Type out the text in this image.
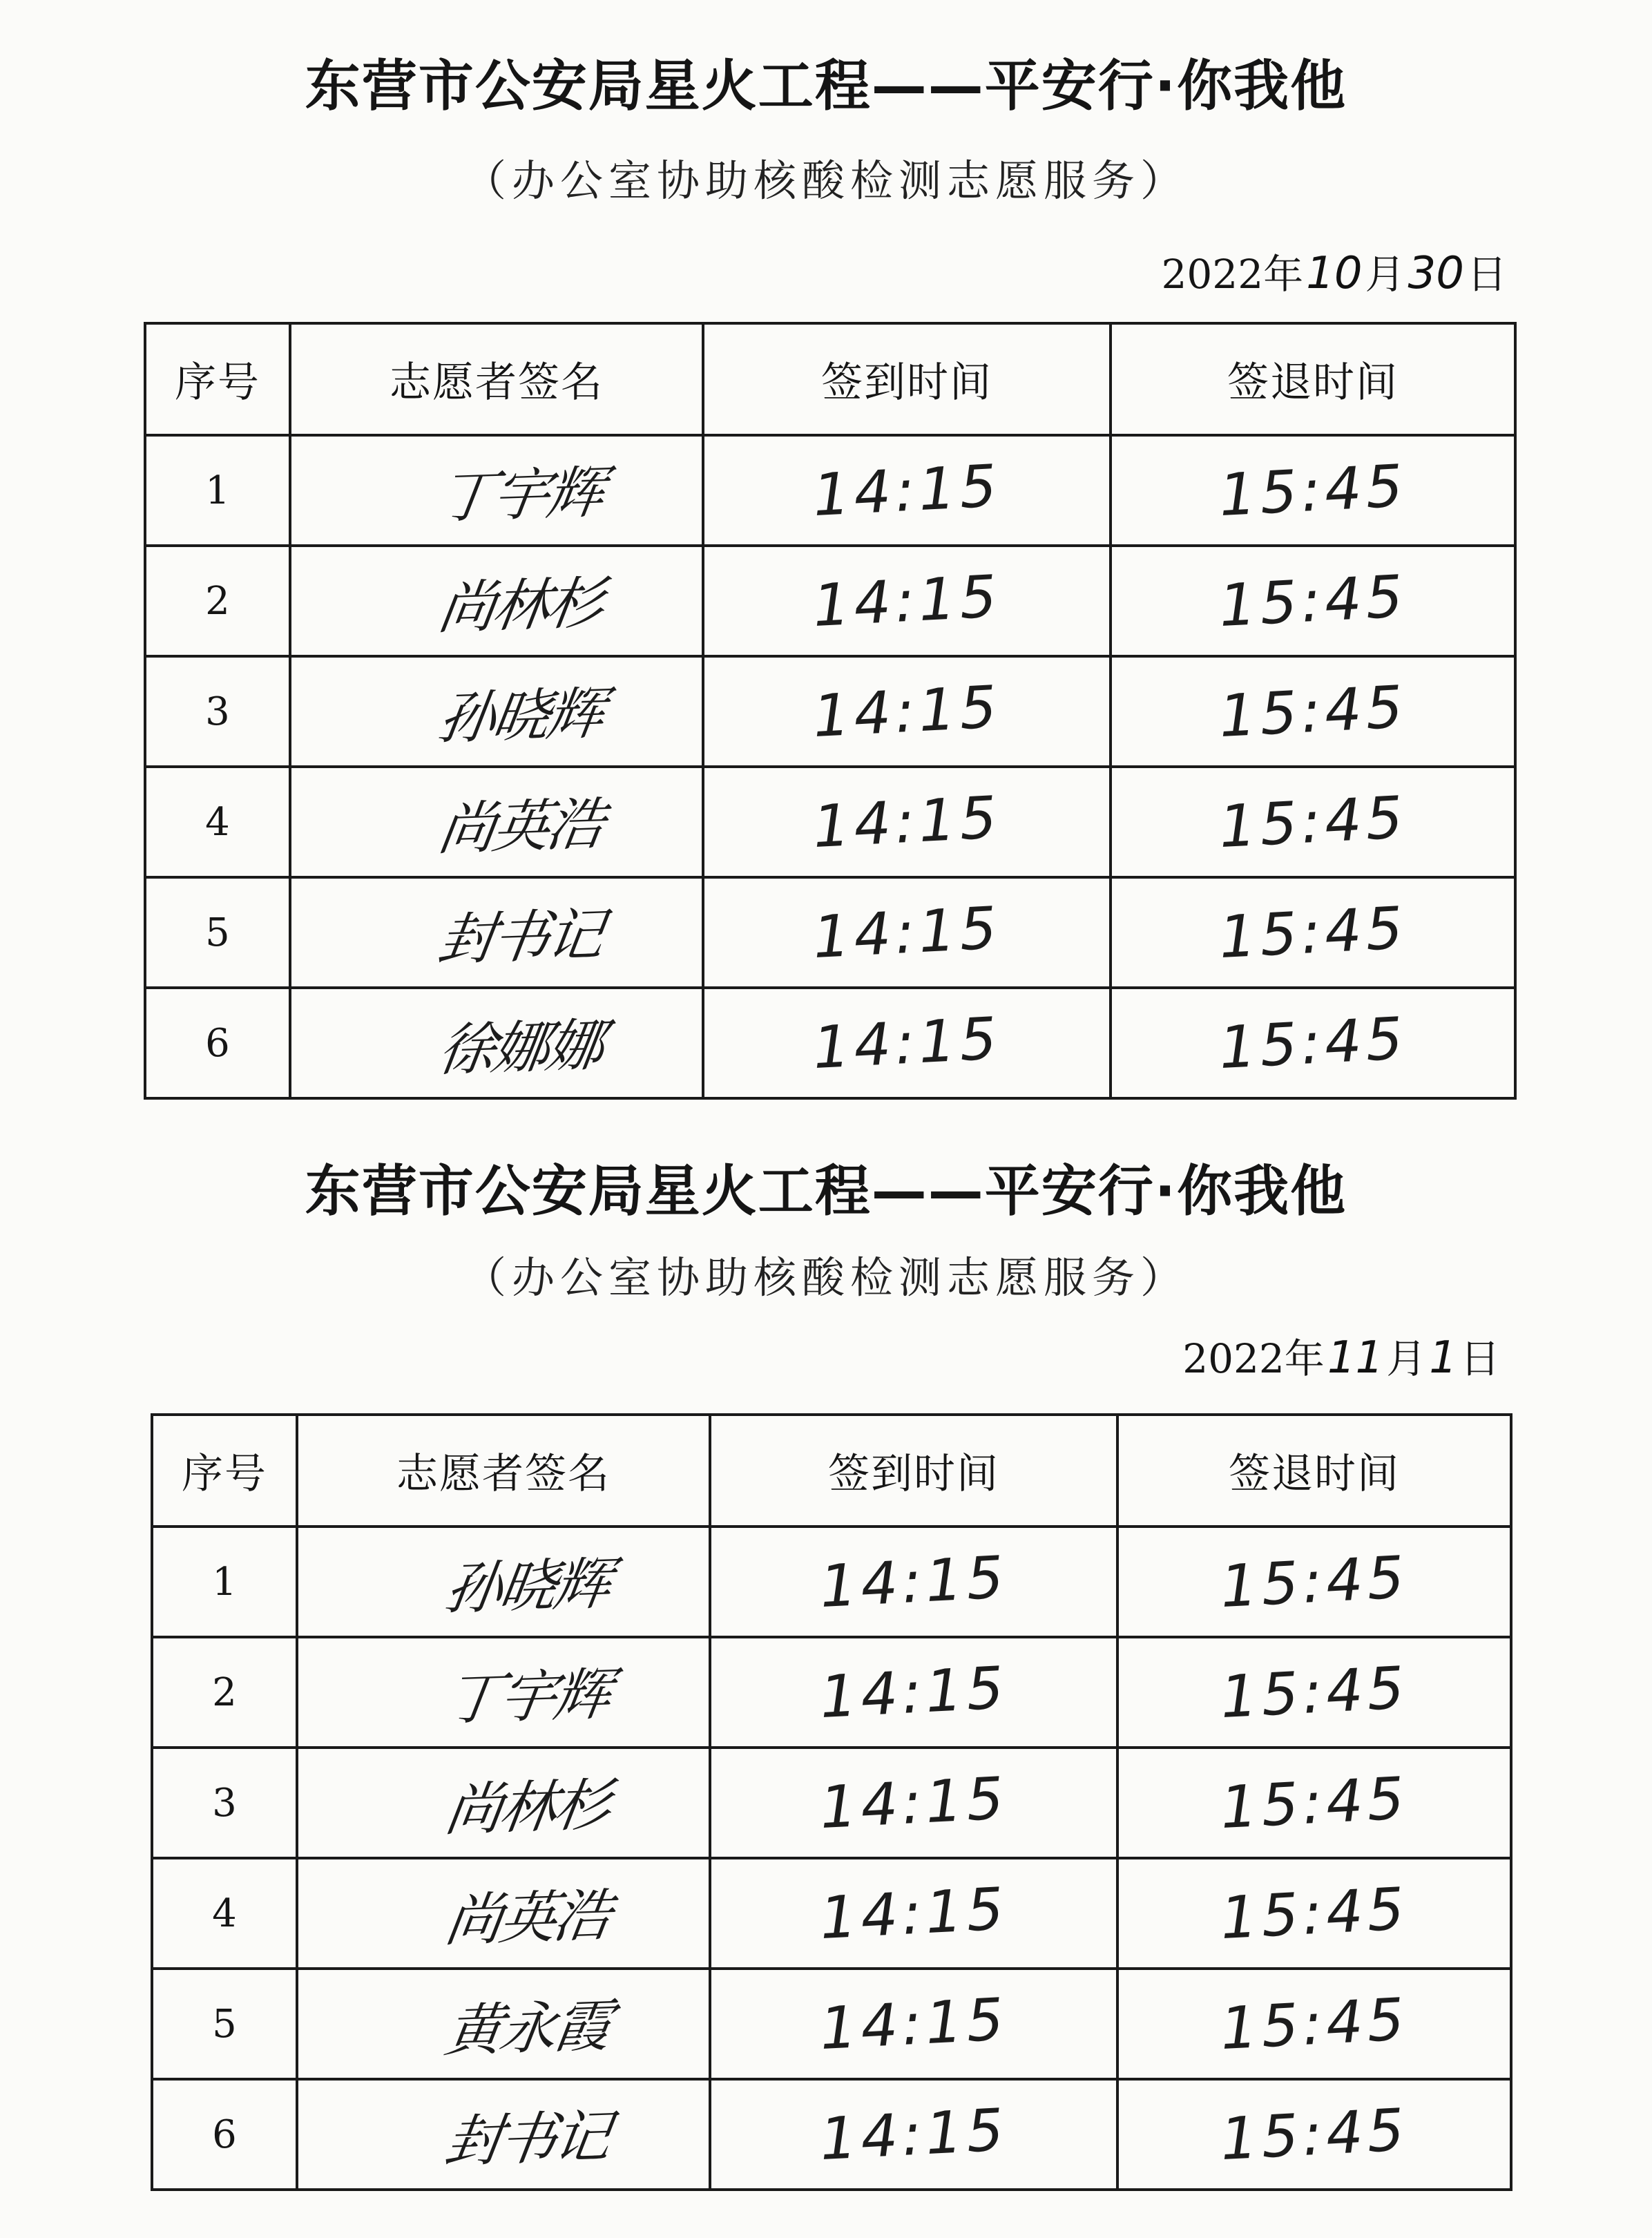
东营市公安局星火工程——平安行·你我他
（办公室协助核酸检测志愿服务）
2022年10月30日
序号	志愿者签名	签到时间	签退时间
1	丁宇辉	14:15	15:45
2	尚林杉	14:15	15:45
3	孙晓辉	14:15	15:45
4	尚英浩	14:15	15:45
5	封书记	14:15	15:45
6	徐娜娜	14:15	15:45
东营市公安局星火工程——平安行·你我他
（办公室协助核酸检测志愿服务）
2022年11月1日
序号	志愿者签名	签到时间	签退时间
1	孙晓辉	14:15	15:45
2	丁宇辉	14:15	15:45
3	尚林杉	14:15	15:45
4	尚英浩	14:15	15:45
5	黄永霞	14:15	15:45
6	封书记	14:15	15:45
